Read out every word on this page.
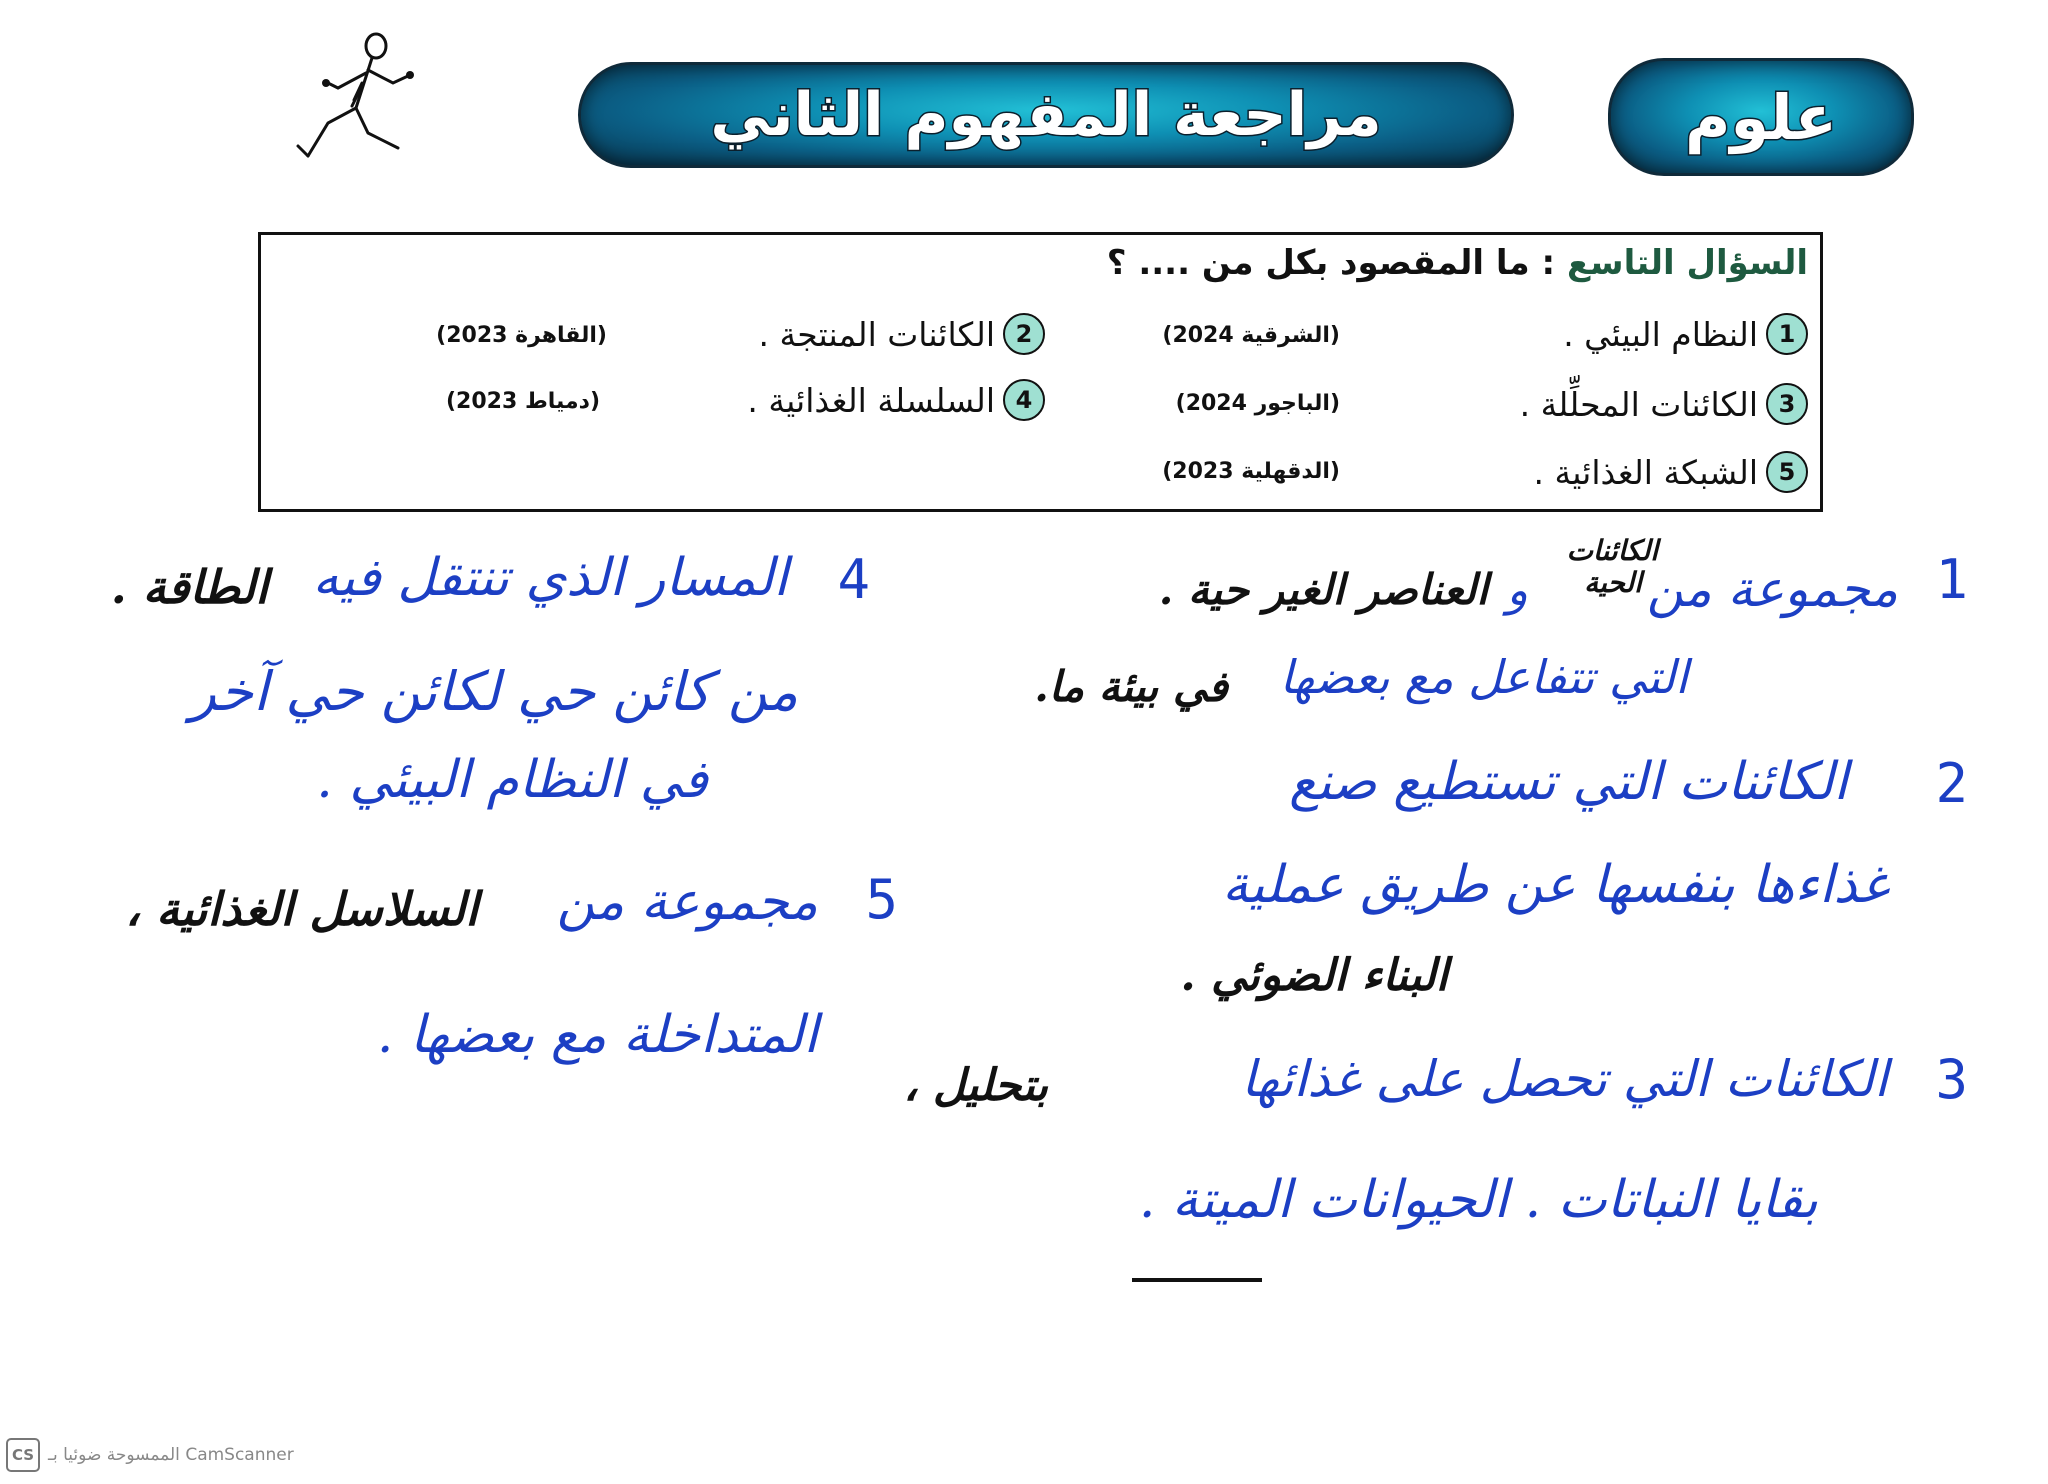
مراجعة المفهوم الثاني	علوم
السؤال التاسع : ما المقصود بكل من .... ؟
1
النظام البيئي .
(الشرقية 2024)
2
الكائنات المنتجة .
(القاهرة 2023)
3
الكائنات المحلِّلة .
(الباجور 2024)
4
السلسلة الغذائية .
(دمياط 2023)
5
الشبكة الغذائية .
(الدقهلية 2023)
1
مجموعة من
الكائنات الحية
و
العناصر الغير حية .
التي تتفاعل مع بعضها
في بيئة ما.
2
الكائنات التي تستطيع صنع
غذاءها بنفسها عن طريق عملية
البناء الضوئي .
3
الكائنات التي تحصل على غذائها
بتحليل ،
بقايا النباتات . الحيوانات الميتة .
4
المسار الذي تنتقل فيه
الطاقة .
من كائن حي لكائن حي آخر
في النظام البيئي .
5
مجموعة من
السلاسل الغذائية ،
المتداخلة مع بعضها .
CS الممسوحة ضوئيا بـ CamScanner
